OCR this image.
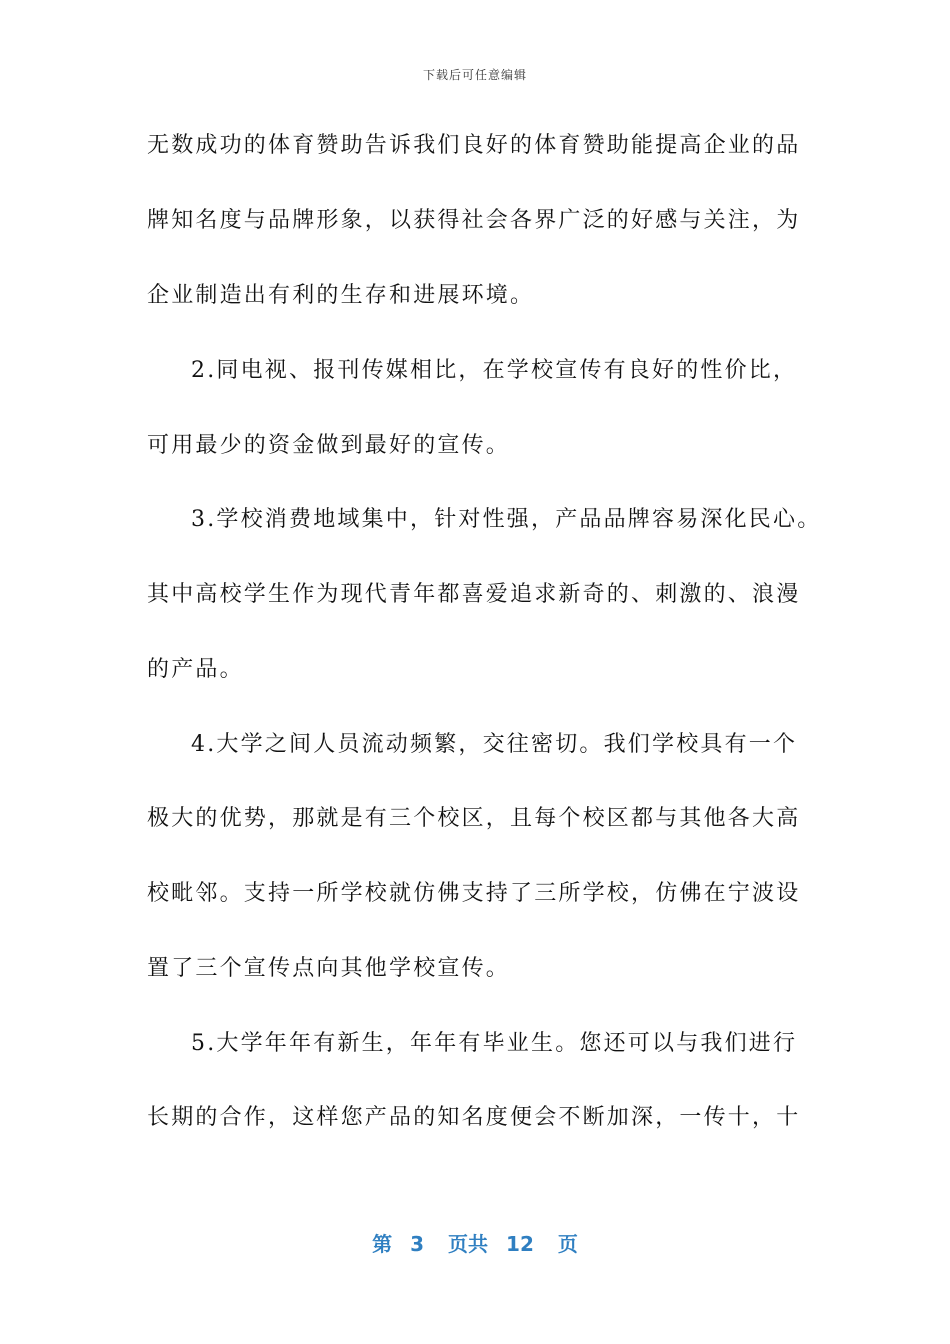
下载后可任意编辑
无数成功的体育赞助告诉我们良好的体育赞助能提高企业的品
牌知名度与品牌形象，以获得社会各界广泛的好感与关注，为
企业制造出有利的生存和进展环境。
2.同电视、报刊传媒相比，在学校宣传有良好的性价比，
可用最少的资金做到最好的宣传。
3.学校消费地域集中，针对性强，产品品牌容易深化民心。
其中高校学生作为现代青年都喜爱追求新奇的、刺激的、浪漫
的产品。
4.大学之间人员流动频繁，交往密切。我们学校具有一个
极大的优势，那就是有三个校区，且每个校区都与其他各大高
校毗邻。支持一所学校就仿佛支持了三所学校，仿佛在宁波设
置了三个宣传点向其他学校宣传。
5.大学年年有新生，年年有毕业生。您还可以与我们进行
长期的合作，这样您产品的知名度便会不断加深，一传十，十
第 3 页共 12 页
